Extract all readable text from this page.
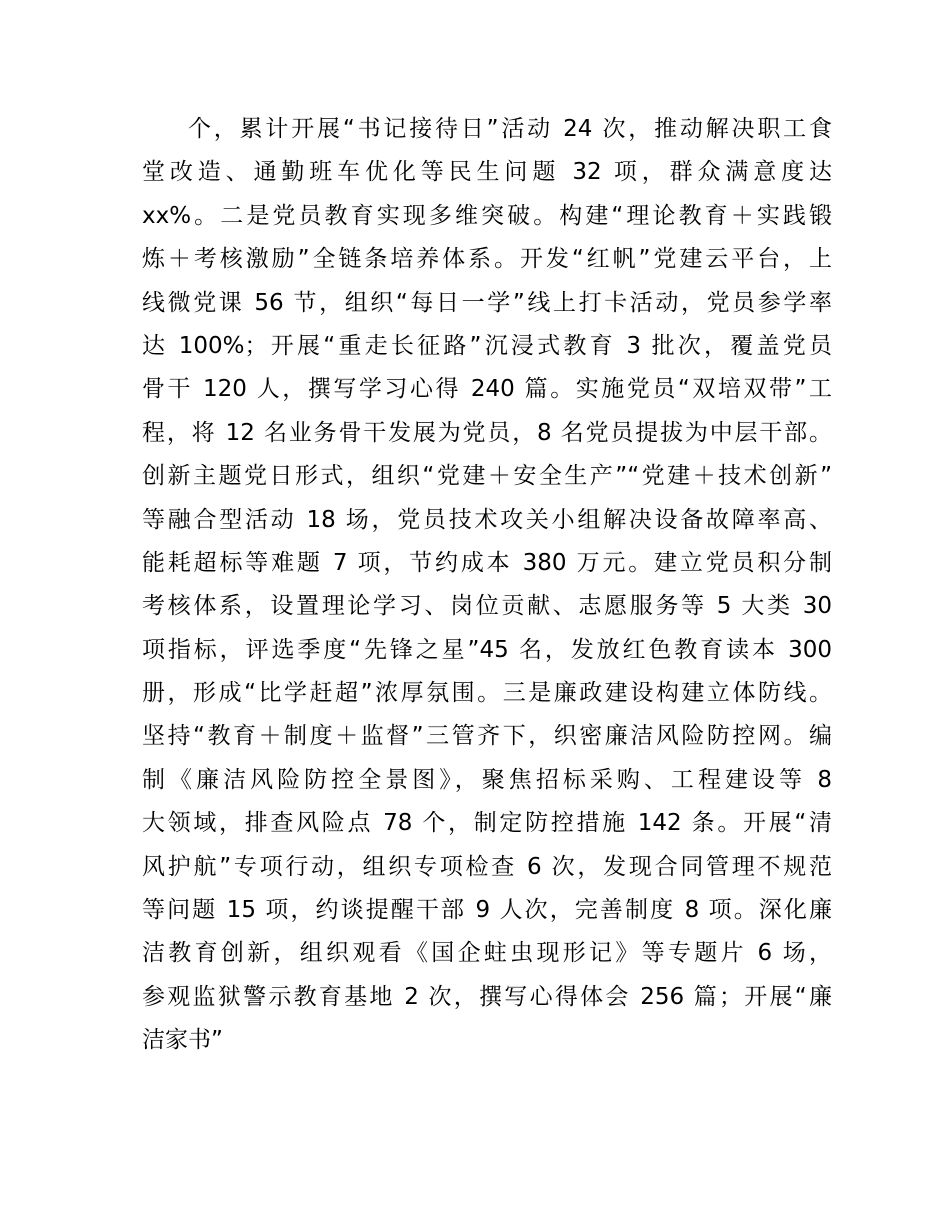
个，累计开展“书记接待日”活动 24 次，推动解决职工食
堂改造、通勤班车优化等民生问题 32 项，群众满意度达
xx%。二是党员教育实现多维突破。构建“理论教育＋实践锻
炼＋考核激励”全链条培养体系。开发“红帆”党建云平台，上
线微党课 56 节，组织“每日一学”线上打卡活动，党员参学率
达 100%；开展“重走长征路”沉浸式教育 3 批次，覆盖党员
骨干 120 人，撰写学习心得 240 篇。实施党员“双培双带”工
程，将 12 名业务骨干发展为党员，8 名党员提拔为中层干部。
创新主题党日形式，组织“党建＋安全生产”“党建＋技术创新”
等融合型活动 18 场，党员技术攻关小组解决设备故障率高、
能耗超标等难题 7 项，节约成本 380 万元。建立党员积分制
考核体系，设置理论学习、岗位贡献、志愿服务等 5 大类 30
项指标，评选季度“先锋之星”45 名，发放红色教育读本 300
册，形成“比学赶超”浓厚氛围。三是廉政建设构建立体防线。
坚持“教育＋制度＋监督”三管齐下，织密廉洁风险防控网。编
制《廉洁风险防控全景图》，聚焦招标采购、工程建设等 8
大领域，排查风险点 78 个，制定防控措施 142 条。开展“清
风护航”专项行动，组织专项检查 6 次，发现合同管理不规范
等问题 15 项，约谈提醒干部 9 人次，完善制度 8 项。深化廉
洁教育创新，组织观看《国企蛀虫现形记》等专题片 6 场，
参观监狱警示教育基地 2 次，撰写心得体会 256 篇；开展“廉
洁家书”
